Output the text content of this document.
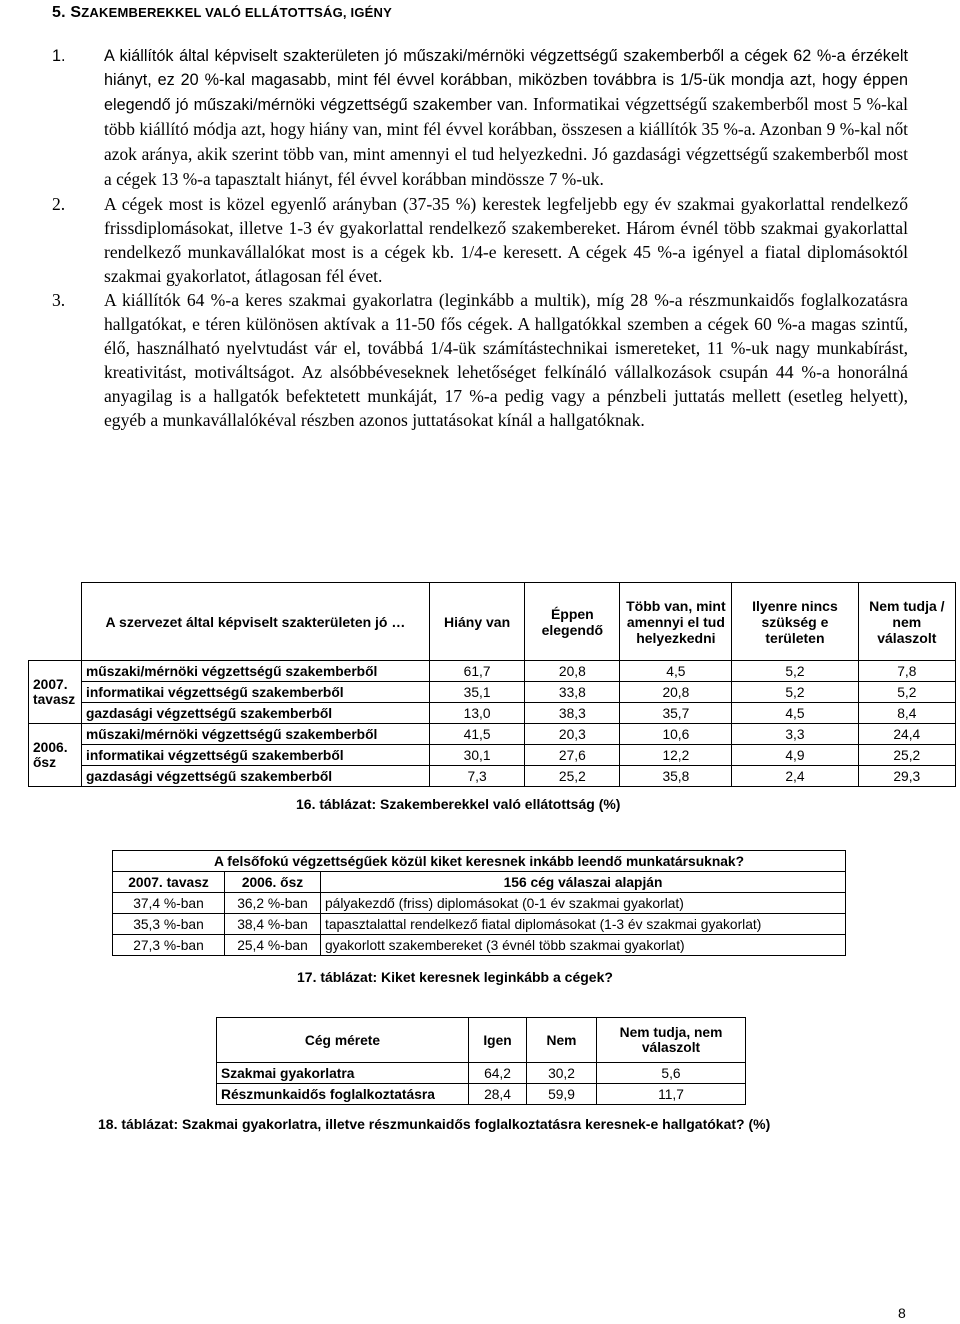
5. SZAKEMBEREKKEL VALÓ ELLÁTOTTSÁG, IGÉNY
1. A kiállítók által képviselt szakterületen jó műszaki/mérnöki végzettségű szakemberből a cégek 62 %-a érzékelt hiányt, ez 20 %-kal magasabb, mint fél évvel korábban, miközben továbbra is 1/5-ük mondja azt, hogy éppen elegendő jó műszaki/mérnöki végzettségű szakember van. Informatikai végzettségű szakemberből most 5 %-kal több kiállító módja azt, hogy hiány van, mint fél évvel korábban, összesen a kiállítók 35 %-a. Azonban 9 %-kal nőt azok aránya, akik szerint több van, mint amennyi el tud helyezkedni. Jó gazdasági végzettségű szakemberből most a cégek 13 %-a tapasztalt hiányt, fél évvel korábban mindössze 7 %-uk.
2. A cégek most is közel egyenlő arányban (37-35 %) kerestek legfeljebb egy év szakmai gyakorlattal rendelkező frissdiplomásokat, illetve 1-3 év gyakorlattal rendelkező szakembereket. Három évnél több szakmai gyakorlattal rendelkező munkavállalókat most is a cégek kb. 1/4-e keresett. A cégek 45 %-a igényel a fiatal diplomásoktól szakmai gyakorlatot, átlagosan fél évet.
3. A kiállítók 64 %-a keres szakmai gyakorlatra (leginkább a multik), míg 28 %-a részmunkaidős foglalkozatásra hallgatókat, e téren különösen aktívak a 11-50 fős cégek. A hallgatókkal szemben a cégek 60 %-a magas szintű, élő, használható nyelvtudást vár el, továbbá 1/4-ük számítástechnikai ismereteket, 11 %-uk nagy munkabírást, kreativitást, motiváltságot. Az alsóbbéveseknek lehetőséget felkínáló vállalkozások csupán 44 %-a honorálná anyagilag is a hallgatók befektetett munkáját, 17 %-a pedig vagy a pénzbeli juttatás mellett (esetleg helyett), egyéb a munkavállalókéval részben azonos juttatásokat kínál a hallgatóknak.
	A szervezet által képviselt szakterületen jó …	Hiány van	Éppen elegendő	Több van, mint amennyi el tud helyezkedni	Ilyenre nincs szükség e területen	Nem tudja / nem válaszolt
2007. tavasz	műszaki/mérnöki végzettségű szakemberből	61,7	20,8	4,5	5,2	7,8
	informatikai végzettségű szakemberből	35,1	33,8	20,8	5,2	5,2
	gazdasági végzettségű szakemberből	13,0	38,3	35,7	4,5	8,4
2006. ősz	műszaki/mérnöki végzettségű szakemberből	41,5	20,3	10,6	3,3	24,4
	informatikai végzettségű szakemberből	30,1	27,6	12,2	4,9	25,2
	gazdasági végzettségű szakemberből	7,3	25,2	35,8	2,4	29,3
16. táblázat: Szakemberekkel való ellátottság (%)
A felsőfokú végzettségűek közül kiket keresnek inkább leendő munkatársuknak?		
2007. tavasz	2006. ősz	156 cég válaszai alapján
37,4 %-ban	36,2 %-ban	pályakezdő (friss) diplomásokat (0-1 év szakmai gyakorlat)
35,3 %-ban	38,4 %-ban	tapasztalattal rendelkező fiatal diplomásokat (1-3 év szakmai gyakorlat)
27,3 %-ban	25,4 %-ban	gyakorlott szakembereket (3 évnél több szakmai gyakorlat)
17. táblázat: Kiket keresnek leginkább a cégek?
Cég mérete	Igen	Nem	Nem tudja, nem válaszolt
Szakmai gyakorlatra	64,2	30,2	5,6
Részmunkaidős foglalkoztatásra	28,4	59,9	11,7
18. táblázat: Szakmai gyakorlatra, illetve részmunkaidős foglalkoztatásra keresnek-e hallgatókat? (%)
8
